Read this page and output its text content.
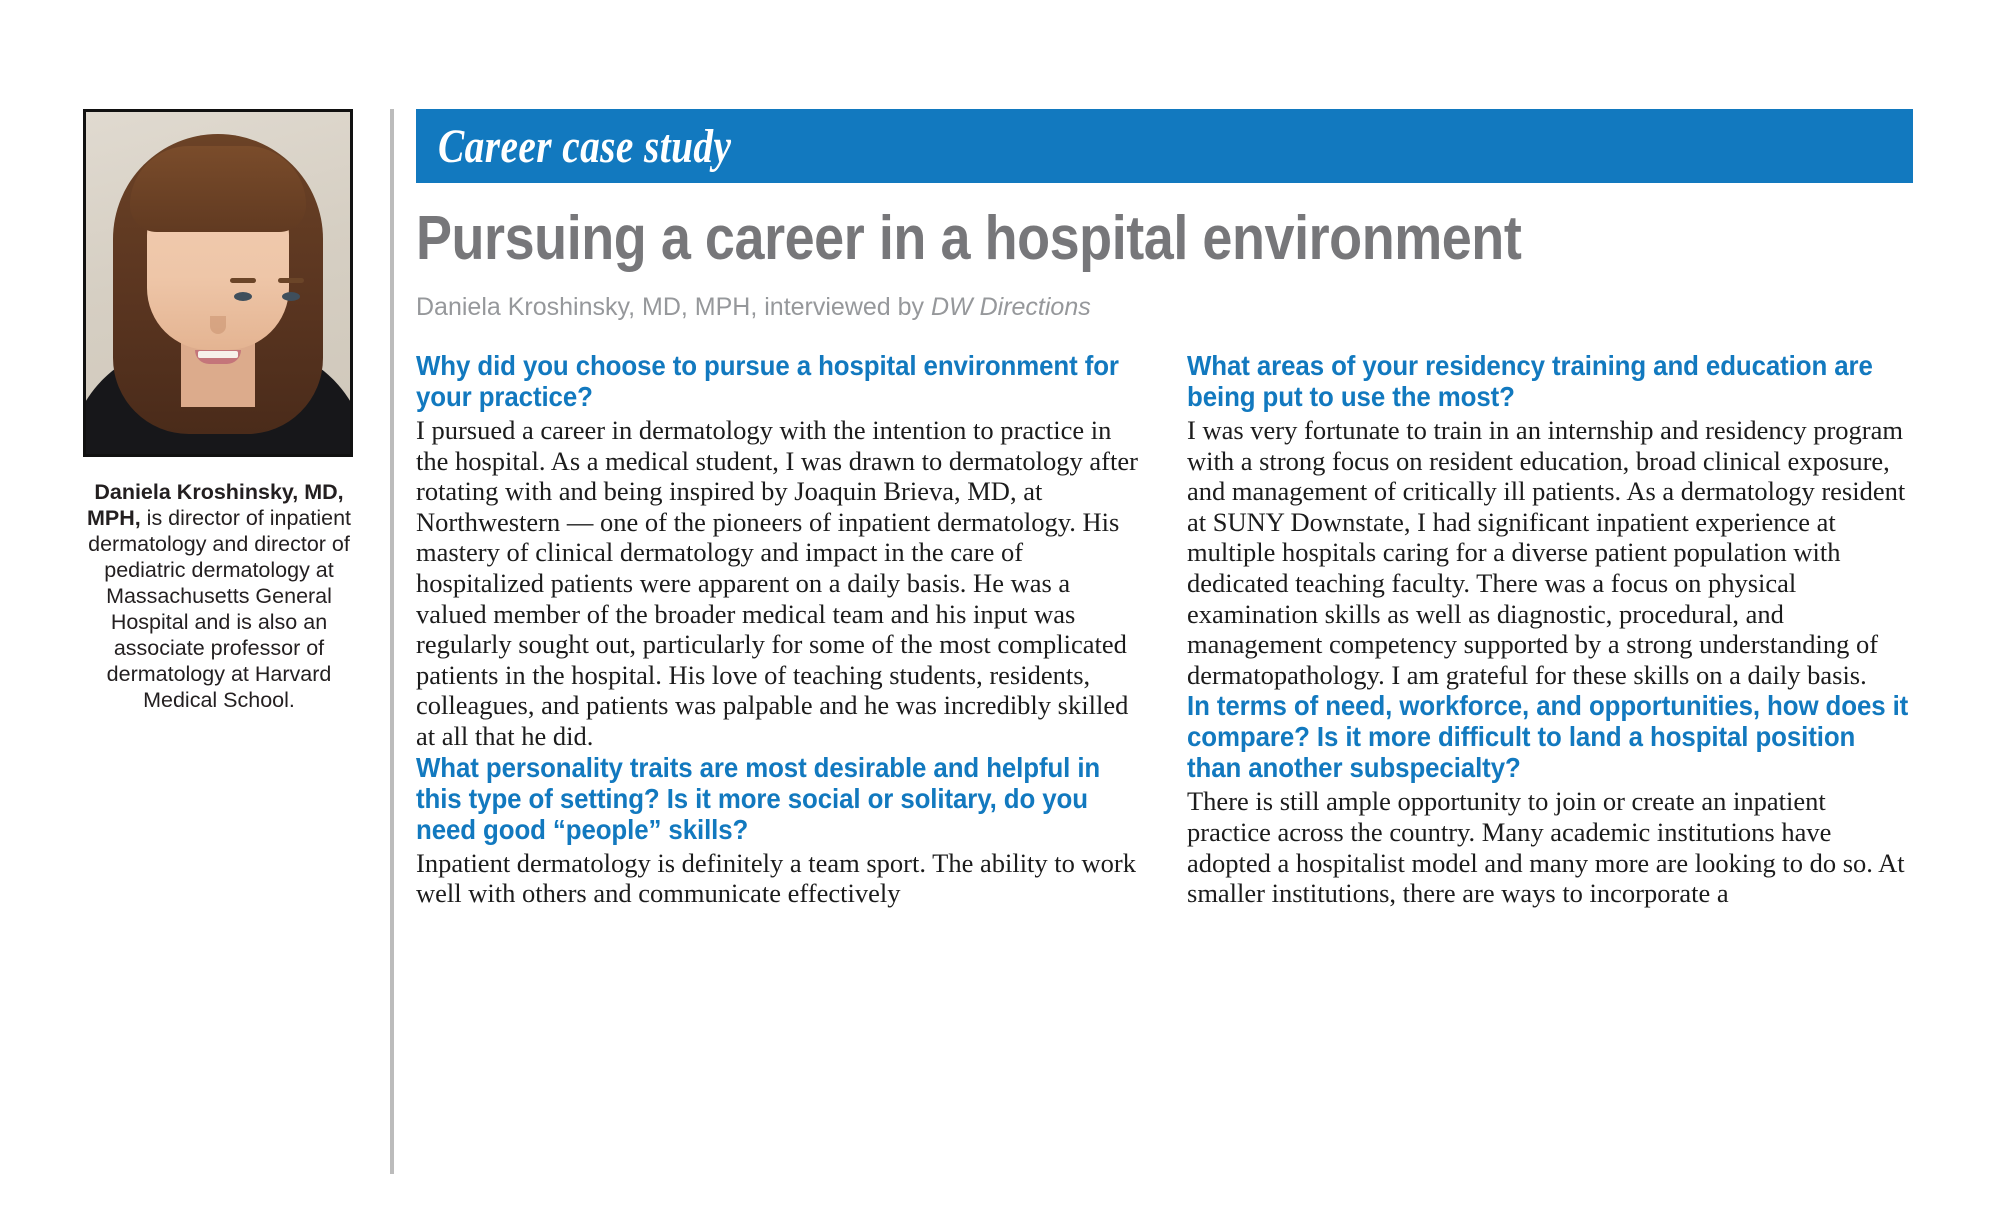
Daniela Kroshinsky, MD, MPH, is director of inpatient dermatology and director of pediatric dermatology at Massachusetts General Hospital and is also an associate professor of dermatology at Harvard Medical School.
Career case study
Pursuing a career in a hospital environment
Daniela Kroshinsky, MD, MPH, interviewed by DW Directions
Why did you choose to pursue a hospital environment for your practice?

I pursued a career in dermatology with the intention to practice in the hospital. As a medical student, I was drawn to dermatology after rotating with and being inspired by Joaquin Brieva, MD, at Northwestern — one of the pioneers of inpatient dermatology. His mastery of clinical dermatology and impact in the care of hospitalized patients were apparent on a daily basis. He was a valued member of the broader medical team and his input was regularly sought out, particularly for some of the most complicated patients in the hospital. His love of teaching students, residents, colleagues, and patients was palpable and he was incredibly skilled at all that he did.

What personality traits are most desirable and helpful in this type of setting? Is it more social or solitary, do you need good “people” skills?

Inpatient dermatology is definitely a team sport. The ability to work well with others and communicate effectively

What areas of your residency training and education are being put to use the most?

I was very fortunate to train in an internship and residency program with a strong focus on resident education, broad clinical exposure, and management of critically ill patients. As a dermatology resident at SUNY Downstate, I had significant inpatient experience at multiple hospitals caring for a diverse patient population with dedicated teaching faculty. There was a focus on physical examination skills as well as diagnostic, procedural, and management competency supported by a strong understanding of dermatopathology. I am grateful for these skills on a daily basis.

In terms of need, workforce, and opportunities, how does it compare? Is it more difficult to land a hospital position than another subspecialty?

There is still ample opportunity to join or create an inpatient practice across the country. Many academic institutions have adopted a hospitalist model and many more are looking to do so. At smaller institutions, there are ways to incorporate a
